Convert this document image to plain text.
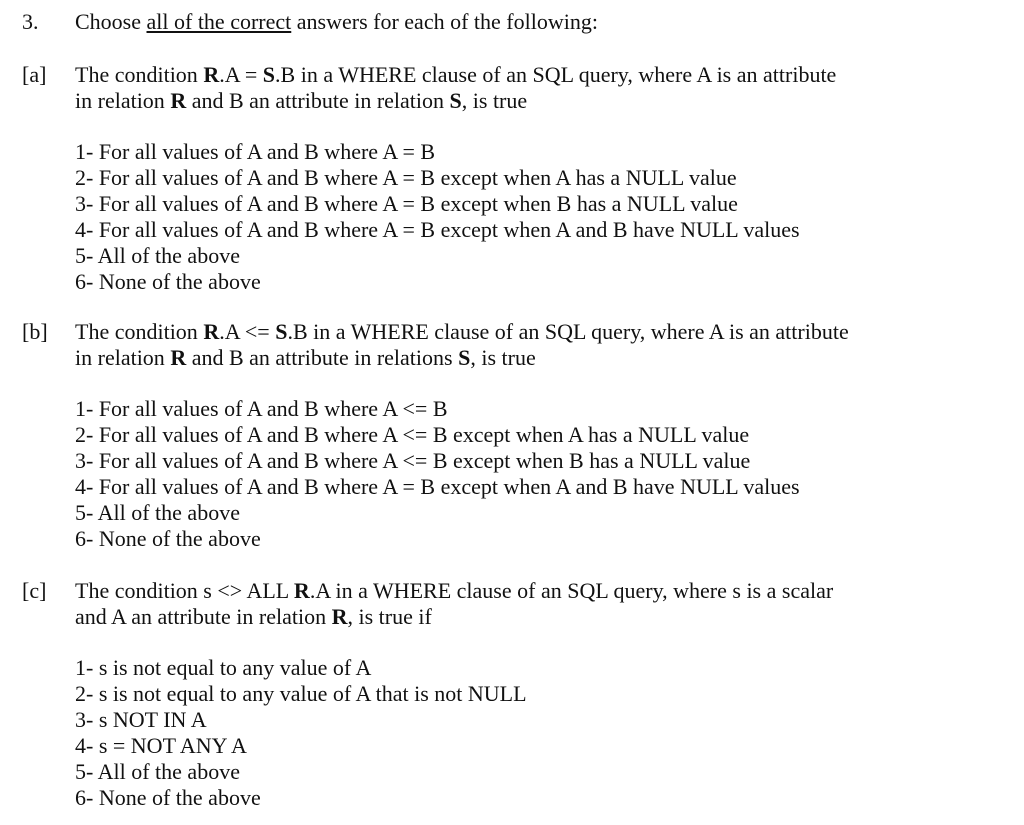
3. Choose all of the correct answers for each of the following:
[a] The condition R.A = S.B in a WHERE clause of an SQL query, where A is an attribute
in relation R and B an attribute in relation S, is true
1- For all values of A and B where A = B
2- For all values of A and B where A = B except when A has a NULL value
3- For all values of A and B where A = B except when B has a NULL value
4- For all values of A and B where A = B except when A and B have NULL values
5- All of the above
6- None of the above
[b] The condition R.A <= S.B in a WHERE clause of an SQL query, where A is an attribute
in relation R and B an attribute in relations S, is true
1- For all values of A and B where A <= B
2- For all values of A and B where A <= B except when A has a NULL value
3- For all values of A and B where A <= B except when B has a NULL value
4- For all values of A and B where A = B except when A and B have NULL values
5- All of the above
6- None of the above
[c] The condition s <> ALL R.A in a WHERE clause of an SQL query, where s is a scalar
and A an attribute in relation R, is true if
1- s is not equal to any value of A
2- s is not equal to any value of A that is not NULL
3- s NOT IN A
4- s = NOT ANY A
5- All of the above
6- None of the above
